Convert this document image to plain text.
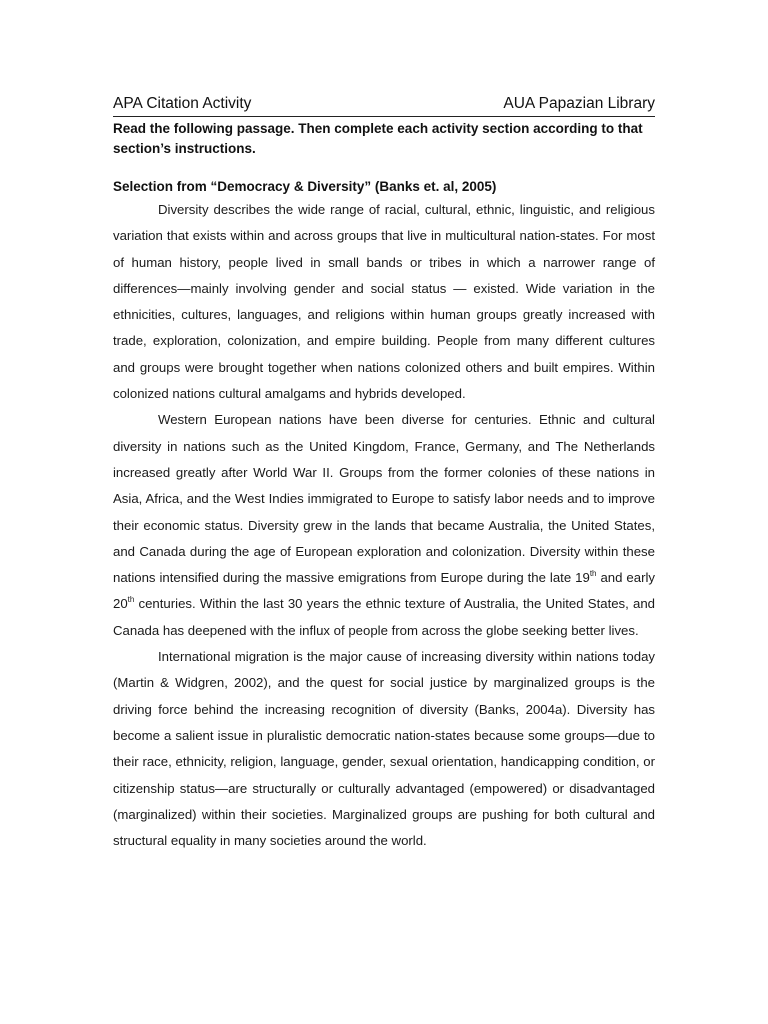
APA Citation Activity	AUA Papazian Library
Read the following passage. Then complete each activity section according to that section’s instructions.
Selection from “Democracy & Diversity” (Banks et. al, 2005)

Diversity describes the wide range of racial, cultural, ethnic, linguistic, and religious variation that exists within and across groups that live in multicultural nation-states. For most of human history, people lived in small bands or tribes in which a narrower range of differences—mainly involving gender and social status — existed. Wide variation in the ethnicities, cultures, languages, and religions within human groups greatly increased with trade, exploration, colonization, and empire building. People from many different cultures and groups were brought together when nations colonized others and built empires. Within colonized nations cultural amalgams and hybrids developed.

Western European nations have been diverse for centuries. Ethnic and cultural diversity in nations such as the United Kingdom, France, Germany, and The Netherlands increased greatly after World War II. Groups from the former colonies of these nations in Asia, Africa, and the West Indies immigrated to Europe to satisfy labor needs and to improve their economic status. Diversity grew in the lands that became Australia, the United States, and Canada during the age of European exploration and colonization. Diversity within these nations intensified during the massive emigrations from Europe during the late 19th and early 20th centuries. Within the last 30 years the ethnic texture of Australia, the United States, and Canada has deepened with the influx of people from across the globe seeking better lives.

International migration is the major cause of increasing diversity within nations today (Martin & Widgren, 2002), and the quest for social justice by marginalized groups is the driving force behind the increasing recognition of diversity (Banks, 2004a). Diversity has become a salient issue in pluralistic democratic nation-states because some groups—due to their race, ethnicity, religion, language, gender, sexual orientation, handicapping condition, or citizenship status—are structurally or culturally advantaged (empowered) or disadvantaged (marginalized) within their societies. Marginalized groups are pushing for both cultural and structural equality in many societies around the world.
